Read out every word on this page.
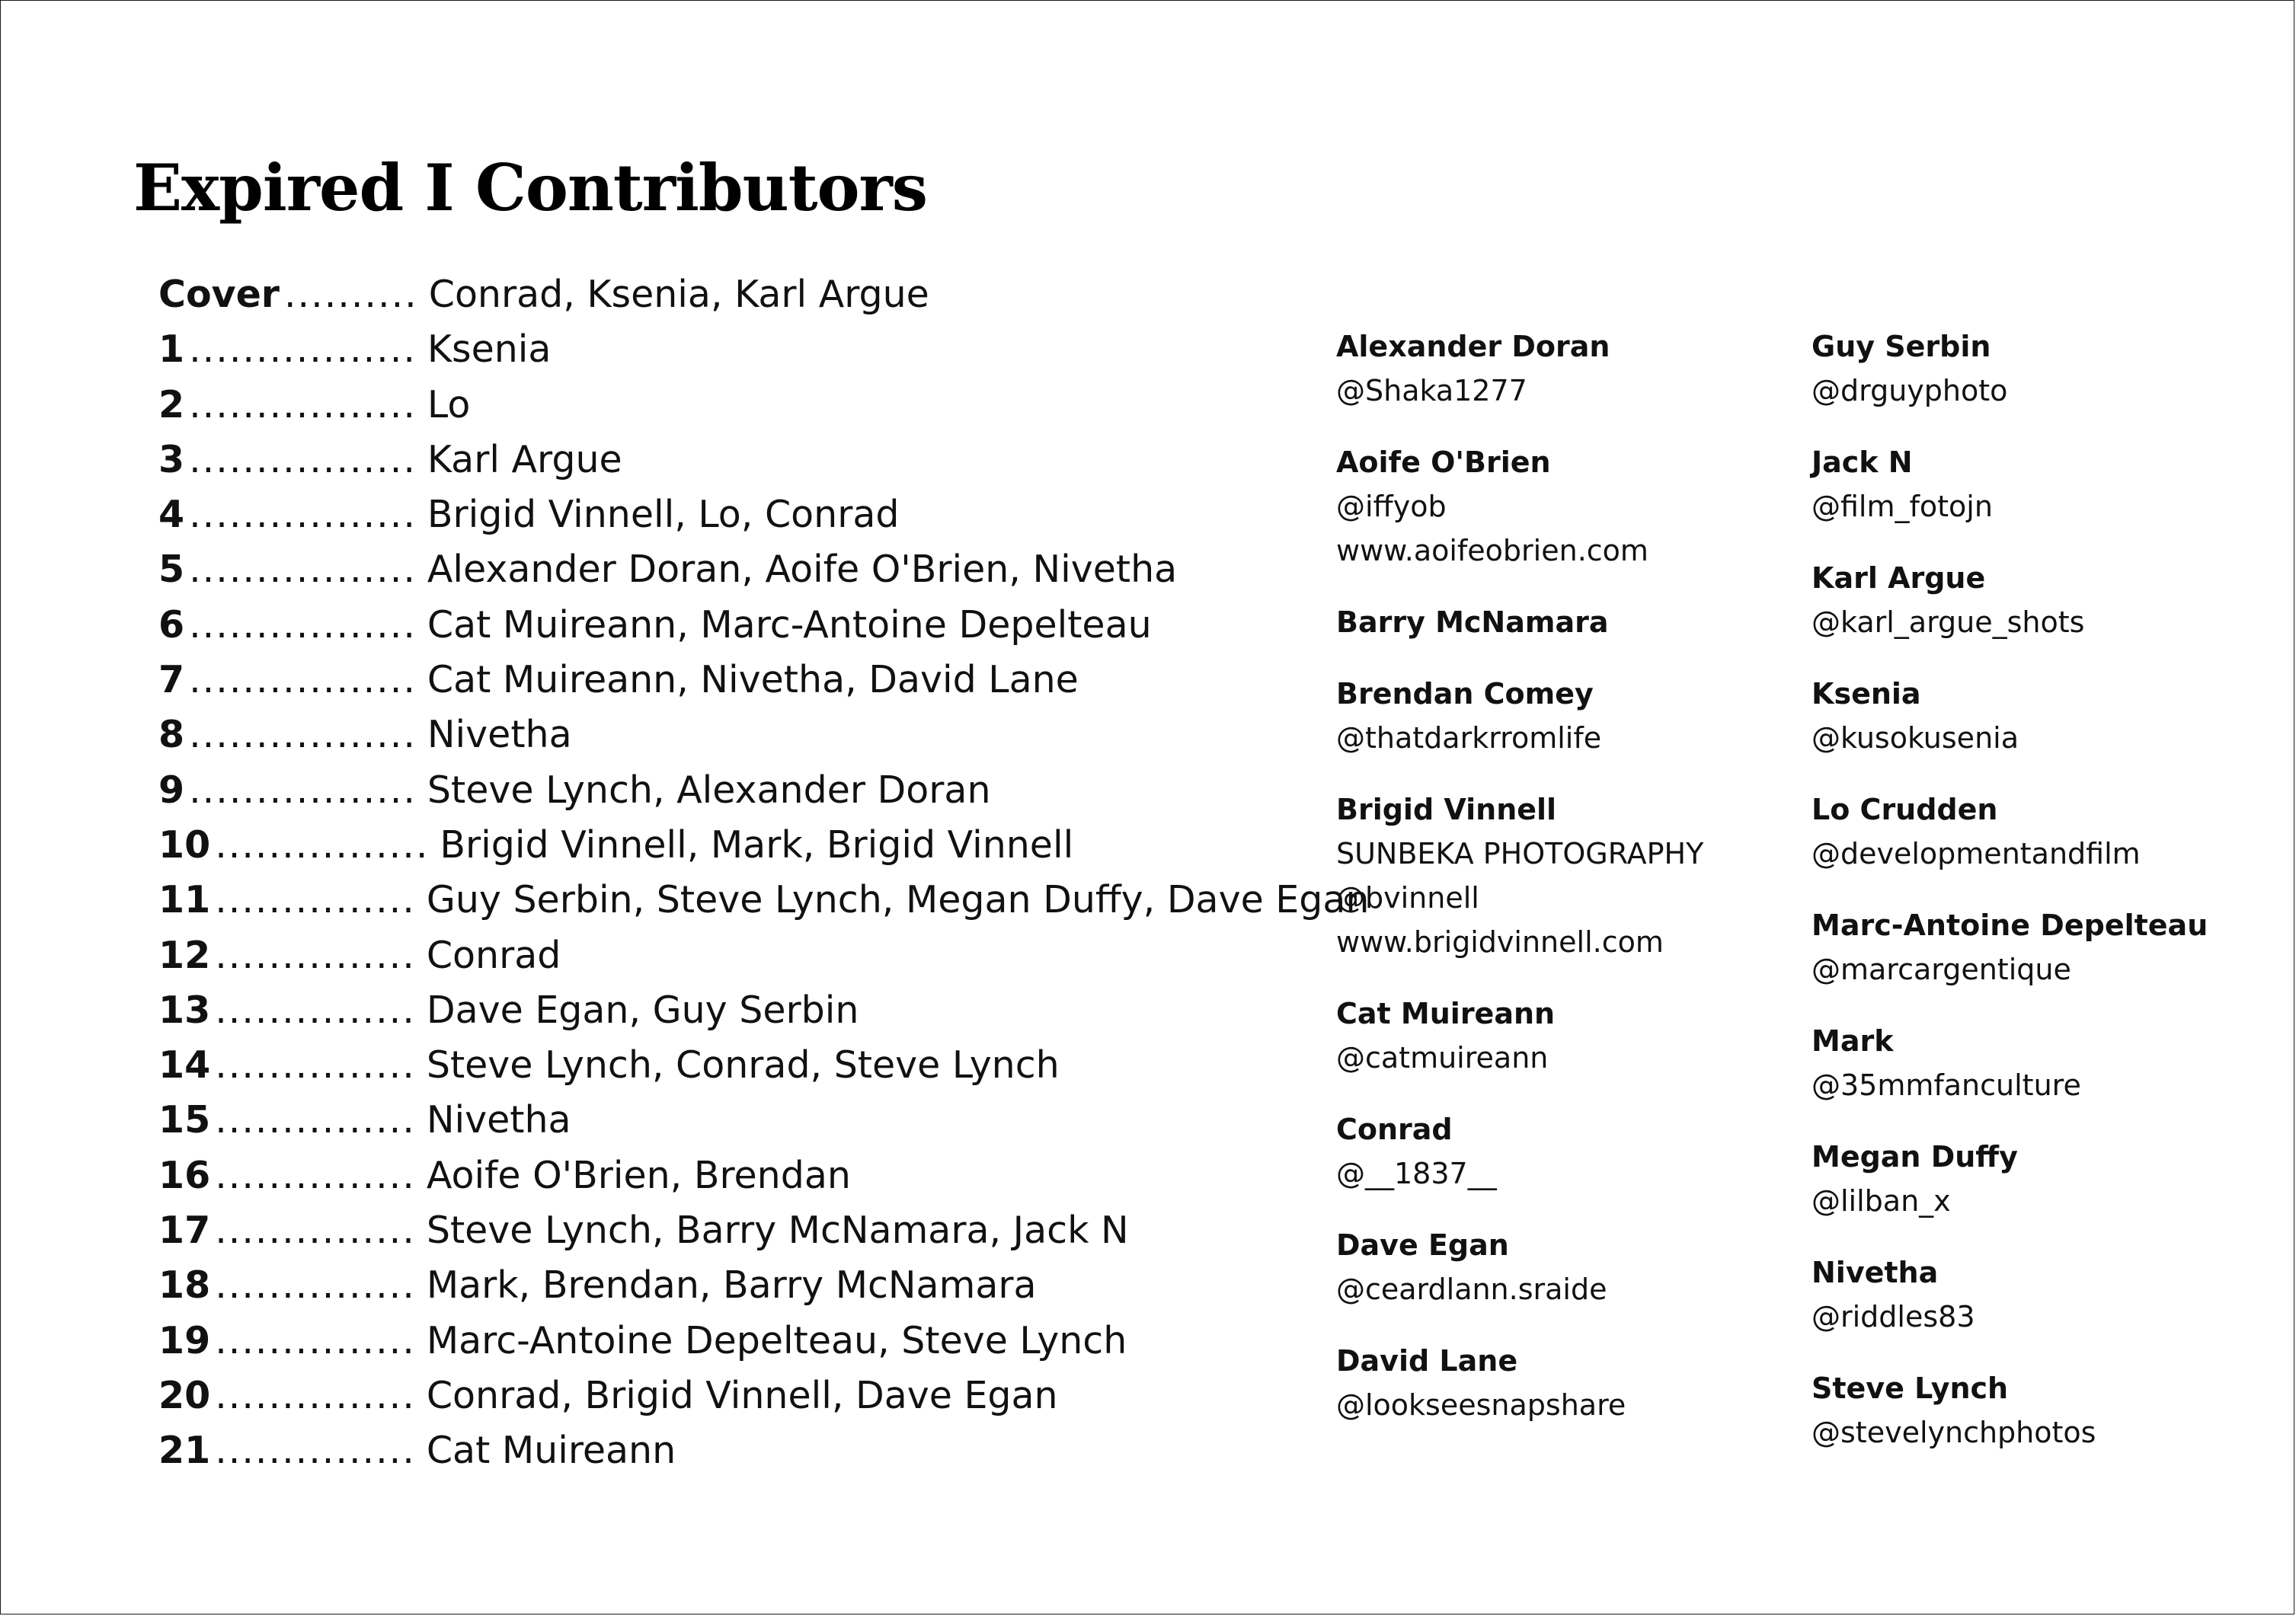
Expired I Contributors
Cover .......... Conrad, Ksenia, Karl Argue
1 ................. Ksenia
2 ................. Lo
3 ................. Karl Argue
4 ................. Brigid Vinnell, Lo, Conrad
5 ................. Alexander Doran, Aoife O'Brien, Nivetha
6 ................. Cat Muireann, Marc-Antoine Depelteau
7 ................. Cat Muireann, Nivetha, David Lane
8 ................. Nivetha
9 ................. Steve Lynch, Alexander Doran
10 ................ Brigid Vinnell, Mark, Brigid Vinnell
11 ............... Guy Serbin, Steve Lynch, Megan Duffy, Dave Egan
12 ............... Conrad
13 ............... Dave Egan, Guy Serbin
14 ............... Steve Lynch, Conrad, Steve Lynch
15 ............... Nivetha
16 ............... Aoife O'Brien, Brendan
17 ............... Steve Lynch, Barry McNamara, Jack N
18 ............... Mark, Brendan, Barry McNamara
19 ............... Marc-Antoine Depelteau, Steve Lynch
20 ............... Conrad, Brigid Vinnell, Dave Egan
21 ............... Cat Muireann
Alexander Doran
@Shaka1277
Aoife O'Brien
@iffyob
www.aoifeobrien.com
Barry McNamara
Brendan Comey
@thatdarkrromlife
Brigid Vinnell
SUNBEKA PHOTOGRAPHY
@bvinnell
www.brigidvinnell.com
Cat Muireann
@catmuireann
Conrad
@__1837__
Dave Egan
@ceardlann.sraide
David Lane
@lookseesnapshare
Guy Serbin
@drguyphoto
Jack N
@film_fotojn
Karl Argue
@karl_argue_shots
Ksenia
@kusokusenia
Lo Crudden
@developmentandfilm
Marc-Antoine Depelteau
@marcargentique
Mark
@35mmfanculture
Megan Duffy
@lilban_x
Nivetha
@riddles83
Steve Lynch
@stevelynchphotos
